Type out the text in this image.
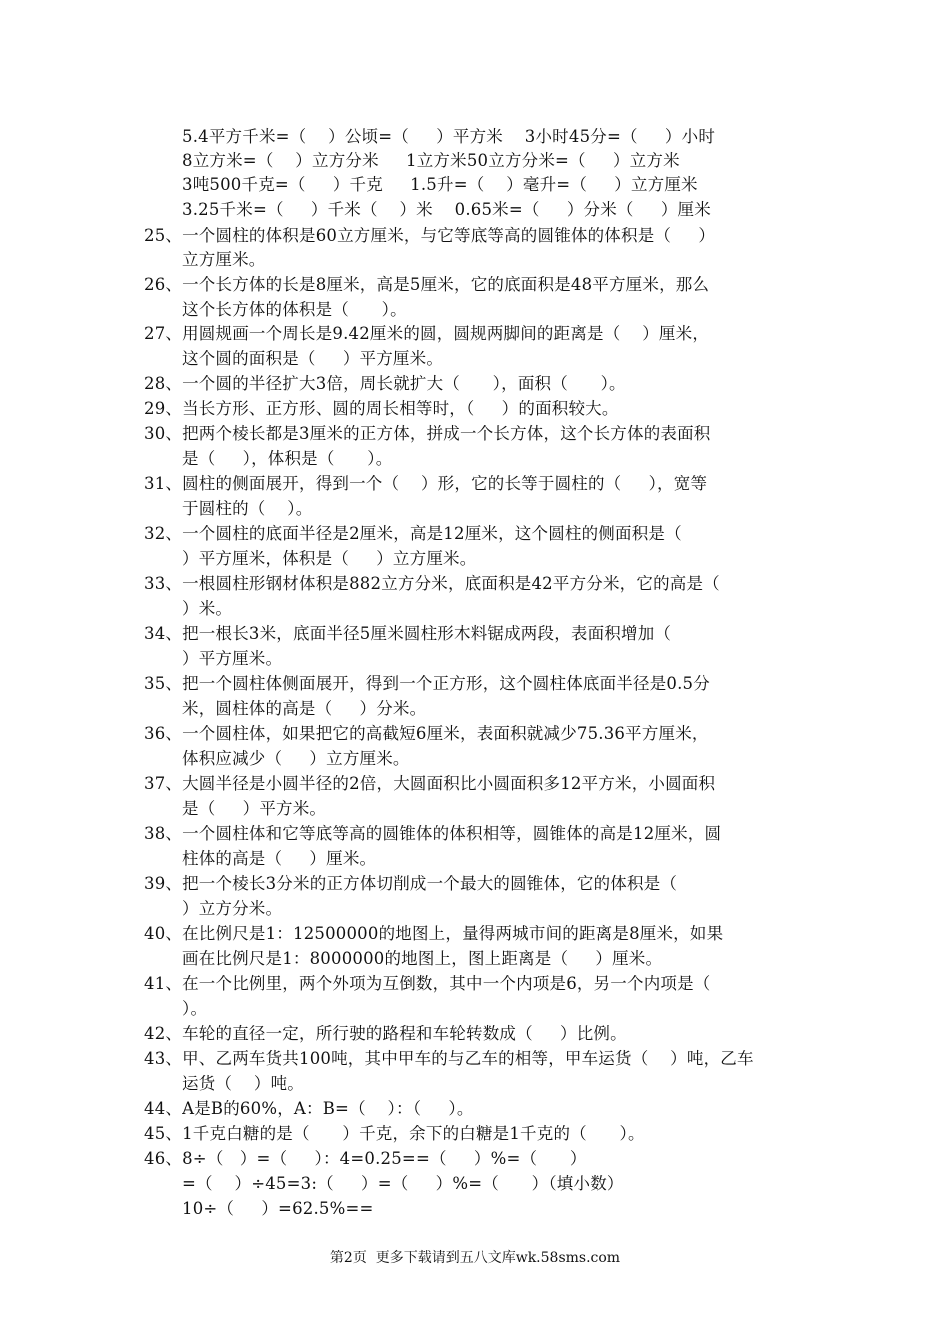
5.4平方千米=（    ）公顷=（     ）平方米    3小时45分=（     ）小时
8立方米=（    ）立方分米     1立方米50立方分米=（     ）立方米
3吨500千克=（     ）千克     1.5升=（    ）毫升=（     ）立方厘米
3.25千米=（     ）千米（    ）米    0.65米=（     ）分米（     ）厘米
25、一个圆柱的体积是60立方厘米，与它等底等高的圆锥体的体积是（     ）
立方厘米。
26、一个长方体的长是8厘米，高是5厘米，它的底面积是48平方厘米，那么
这个长方体的体积是（      ）。
27、用圆规画一个周长是9.42厘米的圆，圆规两脚间的距离是（    ）厘米，
这个圆的面积是（     ）平方厘米。
28、一个圆的半径扩大3倍，周长就扩大（      ），面积（      ）。
29、当长方形、正方形、圆的周长相等时，（     ）的面积较大。
30、把两个棱长都是3厘米的正方体，拼成一个长方体，这个长方体的表面积
是（     ），体积是（      ）。
31、圆柱的侧面展开，得到一个（    ）形，它的长等于圆柱的（     ），宽等
于圆柱的（    ）。
32、一个圆柱的底面半径是2厘米，高是12厘米，这个圆柱的侧面积是（
）平方厘米，体积是（     ）立方厘米。
33、一根圆柱形钢材体积是882立方分米，底面积是42平方分米，它的高是（
）米。
34、把一根长3米，底面半径5厘米圆柱形木料锯成两段，表面积增加（
）平方厘米。
35、把一个圆柱体侧面展开，得到一个正方形，这个圆柱体底面半径是0.5分
米，圆柱体的高是（     ）分米。
36、一个圆柱体，如果把它的高截短6厘米，表面积就减少75.36平方厘米，
体积应减少（     ）立方厘米。
37、大圆半径是小圆半径的2倍，大圆面积比小圆面积多12平方米，小圆面积
是（     ）平方米。
38、一个圆柱体和它等底等高的圆锥体的体积相等，圆锥体的高是12厘米，圆
柱体的高是（     ）厘米。
39、把一个棱长3分米的正方体切削成一个最大的圆锥体，它的体积是（
）立方分米。
40、在比例尺是1：12500000的地图上，量得两城市间的距离是8厘米，如果
画在比例尺是1：8000000的地图上，图上距离是（     ）厘米。
41、在一个比例里，两个外项为互倒数，其中一个内项是6，另一个内项是（
）。
42、车轮的直径一定，所行驶的路程和车轮转数成（     ）比例。
43、甲、乙两车货共100吨，其中甲车的与乙车的相等，甲车运货（    ）吨，乙车
运货（    ）吨。
44、A是B的60%，A：B=（    ）：（     ）。
45、1千克白糖的是（      ）千克，余下的白糖是1千克的（      ）。
46、8÷（   ）=（     ）：4=0.25==（     ）%=（      ）
=（    ）÷45=3:（     ）=（     ）%=（      ）（填小数）
10÷（     ）=62.5%==
第2页  更多下载请到五八文库wk.58sms.com
